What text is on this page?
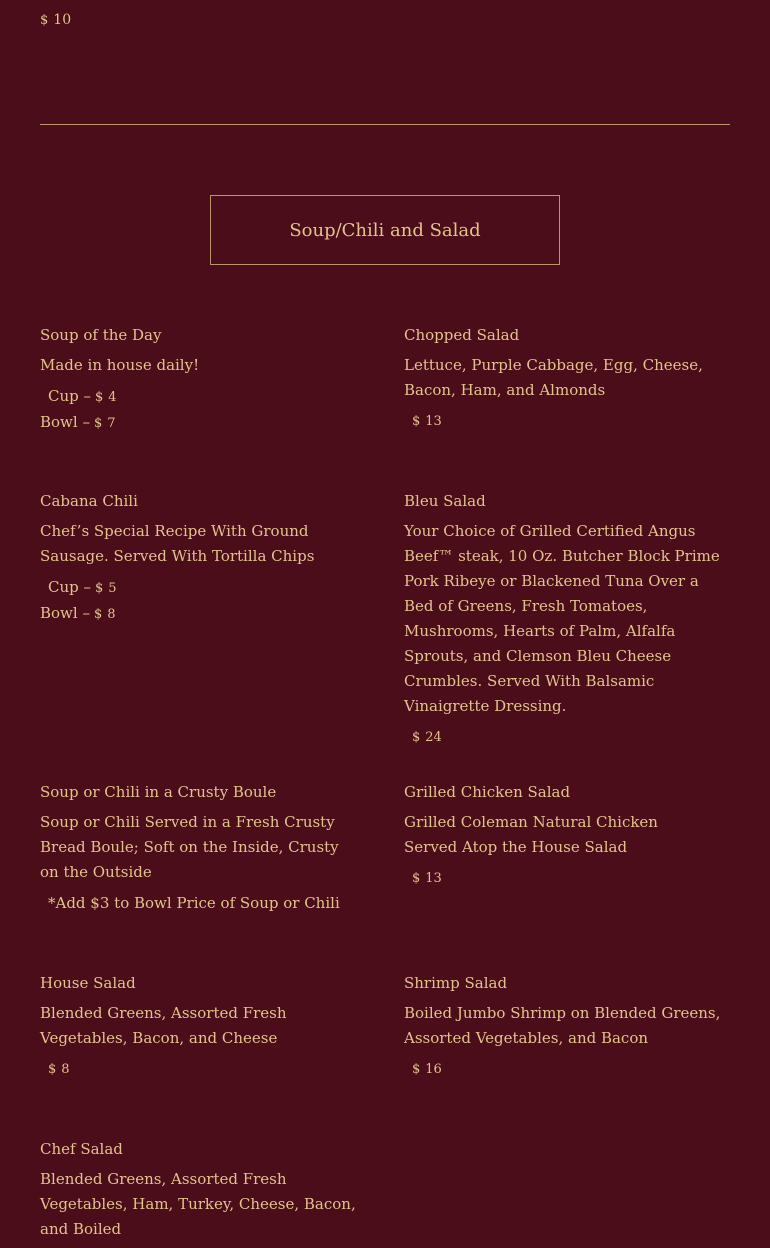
$ 10
Soup/Chili and Salad
Soup of the Day
Made in house daily!
Cup – $ 4
Bowl – $ 7
Chopped Salad
Lettuce, Purple Cabbage, Egg, Cheese, Bacon, Ham, and Almonds
$ 13
Cabana Chili
Chef’s Special Recipe With Ground Sausage. Served With Tortilla Chips
Cup – $ 5
Bowl – $ 8
Bleu Salad
Your Choice of Grilled Certified Angus Beef™ steak, 10 Oz. Butcher Block Prime Pork Ribeye or Blackened Tuna Over a Bed of Greens, Fresh Tomatoes, Mushrooms, Hearts of Palm, Alfalfa Sprouts, and Clemson Bleu Cheese Crumbles. Served With Balsamic Vinaigrette Dressing.
$ 24
Soup or Chili in a Crusty Boule
Soup or Chili Served in a Fresh Crusty Bread Boule; Soft on the Inside, Crusty on the Outside
*Add $3 to Bowl Price of Soup or Chili
Grilled Chicken Salad
Grilled Coleman Natural Chicken Served Atop the House Salad
$ 13
House Salad
Blended Greens, Assorted Fresh Vegetables, Bacon, and Cheese
$ 8
Shrimp Salad
Boiled Jumbo Shrimp on Blended Greens, Assorted Vegetables, and Bacon
$ 16
Chef Salad
Blended Greens, Assorted Fresh Vegetables, Ham, Turkey, Cheese, Bacon, and Boiled
